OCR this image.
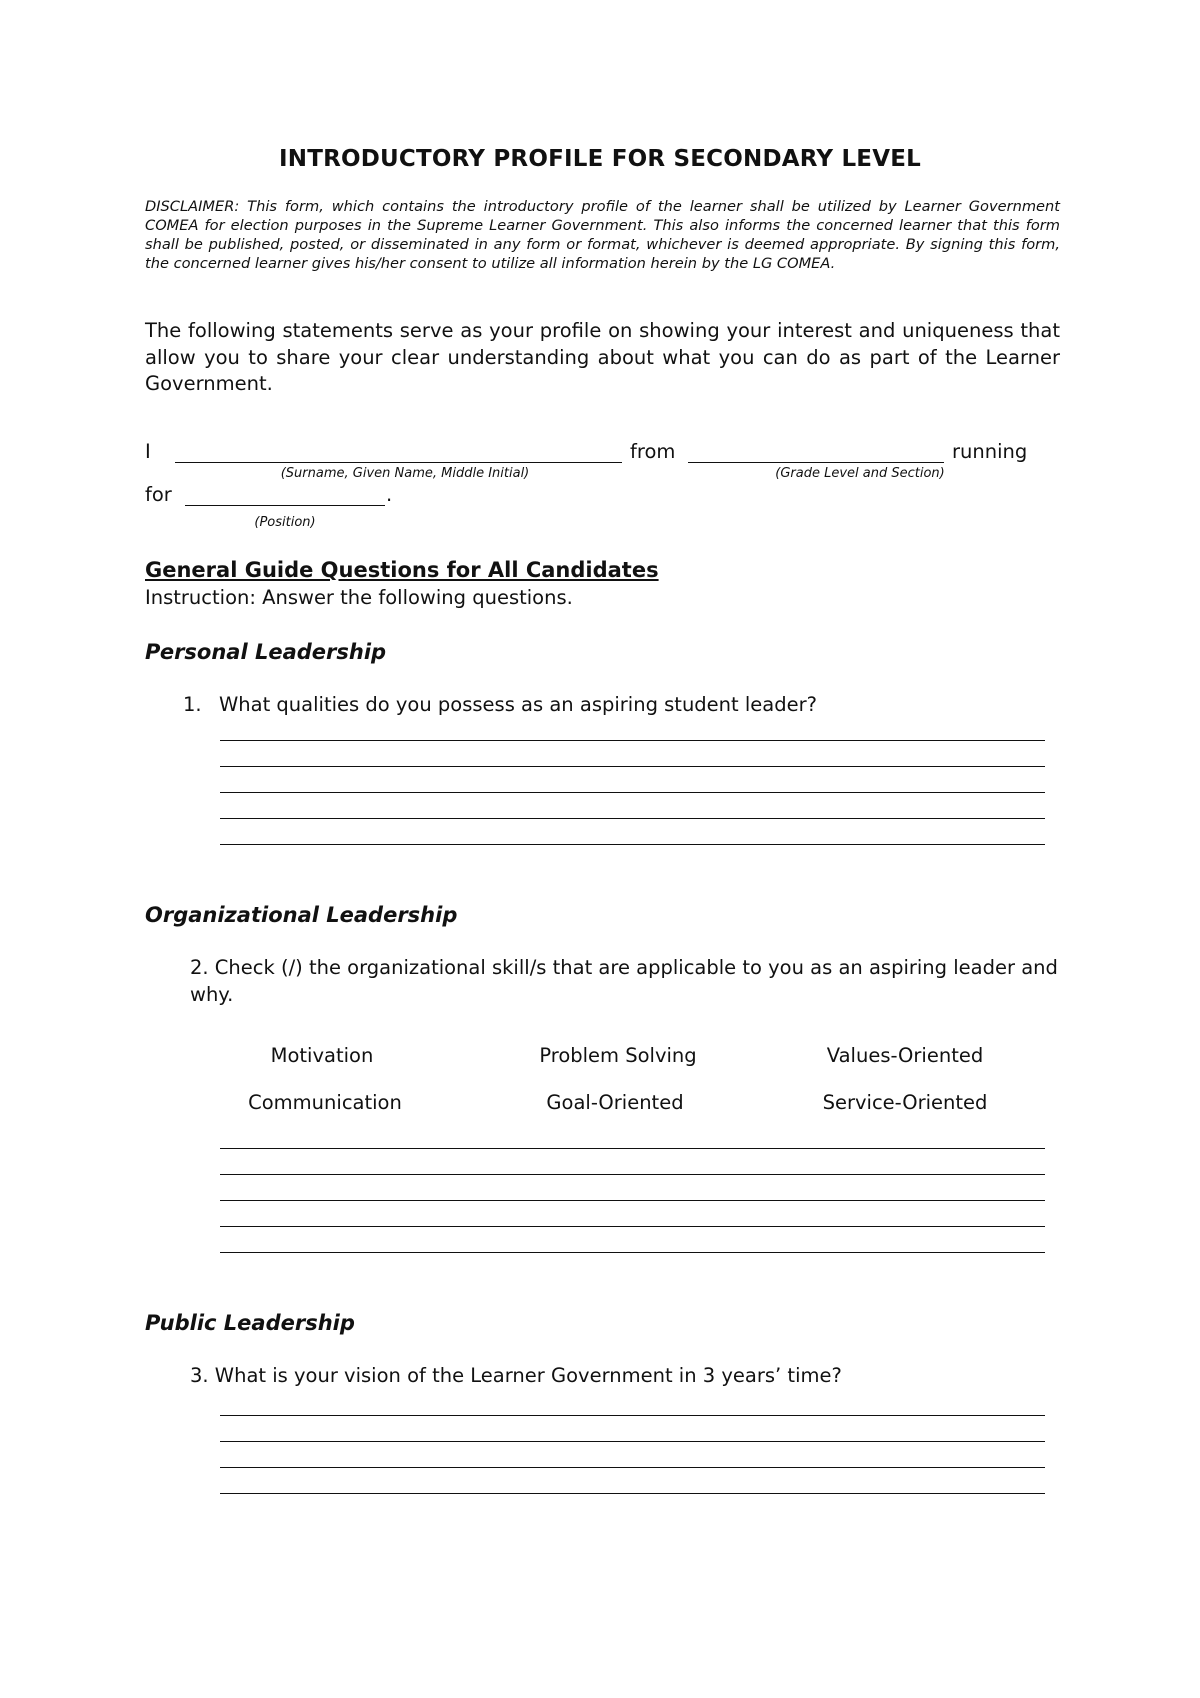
INTRODUCTORY PROFILE FOR SECONDARY LEVEL
DISCLAIMER: This form, which contains the introductory profile of the learner shall be utilized by Learner Government COMEA for election purposes in the Supreme Learner Government. This also informs the concerned learner that this form shall be published, posted, or disseminated in any form or format, whichever is deemed appropriate. By signing this form, the concerned learner gives his/her consent to utilize all information herein by the LG COMEA.
The following statements serve as your profile on showing your interest and uniqueness that allow you to share your clear understanding about what you can do as part of the Learner Government.
I	from	running
(Surname, Given Name, Middle Initial)	(Grade Level and Section)
for	.
(Position)
General Guide Questions for All Candidates
Instruction: Answer the following questions.
Personal Leadership
1. What qualities do you possess as an aspiring student leader?
Organizational Leadership
2. Check (/) the organizational skill/s that are applicable to you as an aspiring leader and why.
Motivation	Problem Solving	Values-Oriented
Communication	Goal-Oriented	Service-Oriented
Public Leadership
3. What is your vision of the Learner Government in 3 years’ time?
